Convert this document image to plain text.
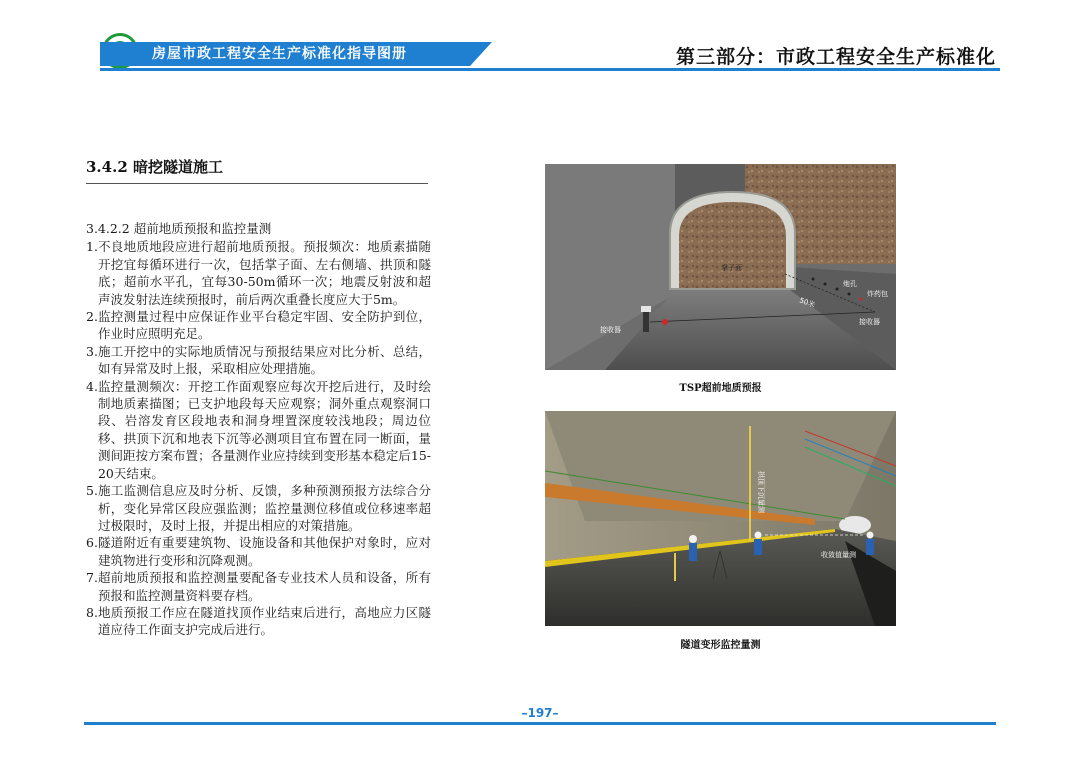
房屋市政工程安全生产标准化指导图册	第三部分：市政工程安全生产标准化
3.4.2 暗挖隧道施工
3.4.2.2 超前地质预报和监控量测
1. 不良地质地段应进行超前地质预报。预报频次：地质素描随开挖宜每循环进行一次，包括掌子面、左右侧墙、拱顶和隧底；超前水平孔，宜每30-50m循环一次；地震反射波和超声波发射法连续预报时，前后两次重叠长度应大于5m。
2. 监控测量过程中应保证作业平台稳定牢固、安全防护到位，作业时应照明充足。
3. 施工开挖中的实际地质情况与预报结果应对比分析、总结，如有异常及时上报，采取相应处理措施。
4. 监控量测频次：开挖工作面观察应每次开挖后进行，及时绘制地质素描图；已支护地段每天应观察；洞外重点观察洞口段、岩溶发育区段地表和洞身埋置深度较浅地段；周边位移、拱顶下沉和地表下沉等必测项目宜布置在同一断面，量测间距按方案布置；各量测作业应持续到变形基本稳定后15-20天结束。
5. 施工监测信息应及时分析、反馈，多种预测预报方法综合分析，变化异常区段应强监测；监控量测位移值或位移速率超过极限时，及时上报，并提出相应的对策措施。
6. 隧道附近有重要建筑物、设施设备和其他保护对象时，应对建筑物进行变形和沉降观测。
7. 超前地质预报和监控测量要配备专业技术人员和设备，所有预报和监控测量资料要存档。
8. 地质预报工作应在隧道找顶作业结束后进行，高地应力区隧道应待工作面支护完成后进行。
掌子面
50米
炮孔
炸药包
接收器
接收器
TSP超前地质预报
拱顶下沉量测
收敛值量测
隧道变形监控量测
–197–
